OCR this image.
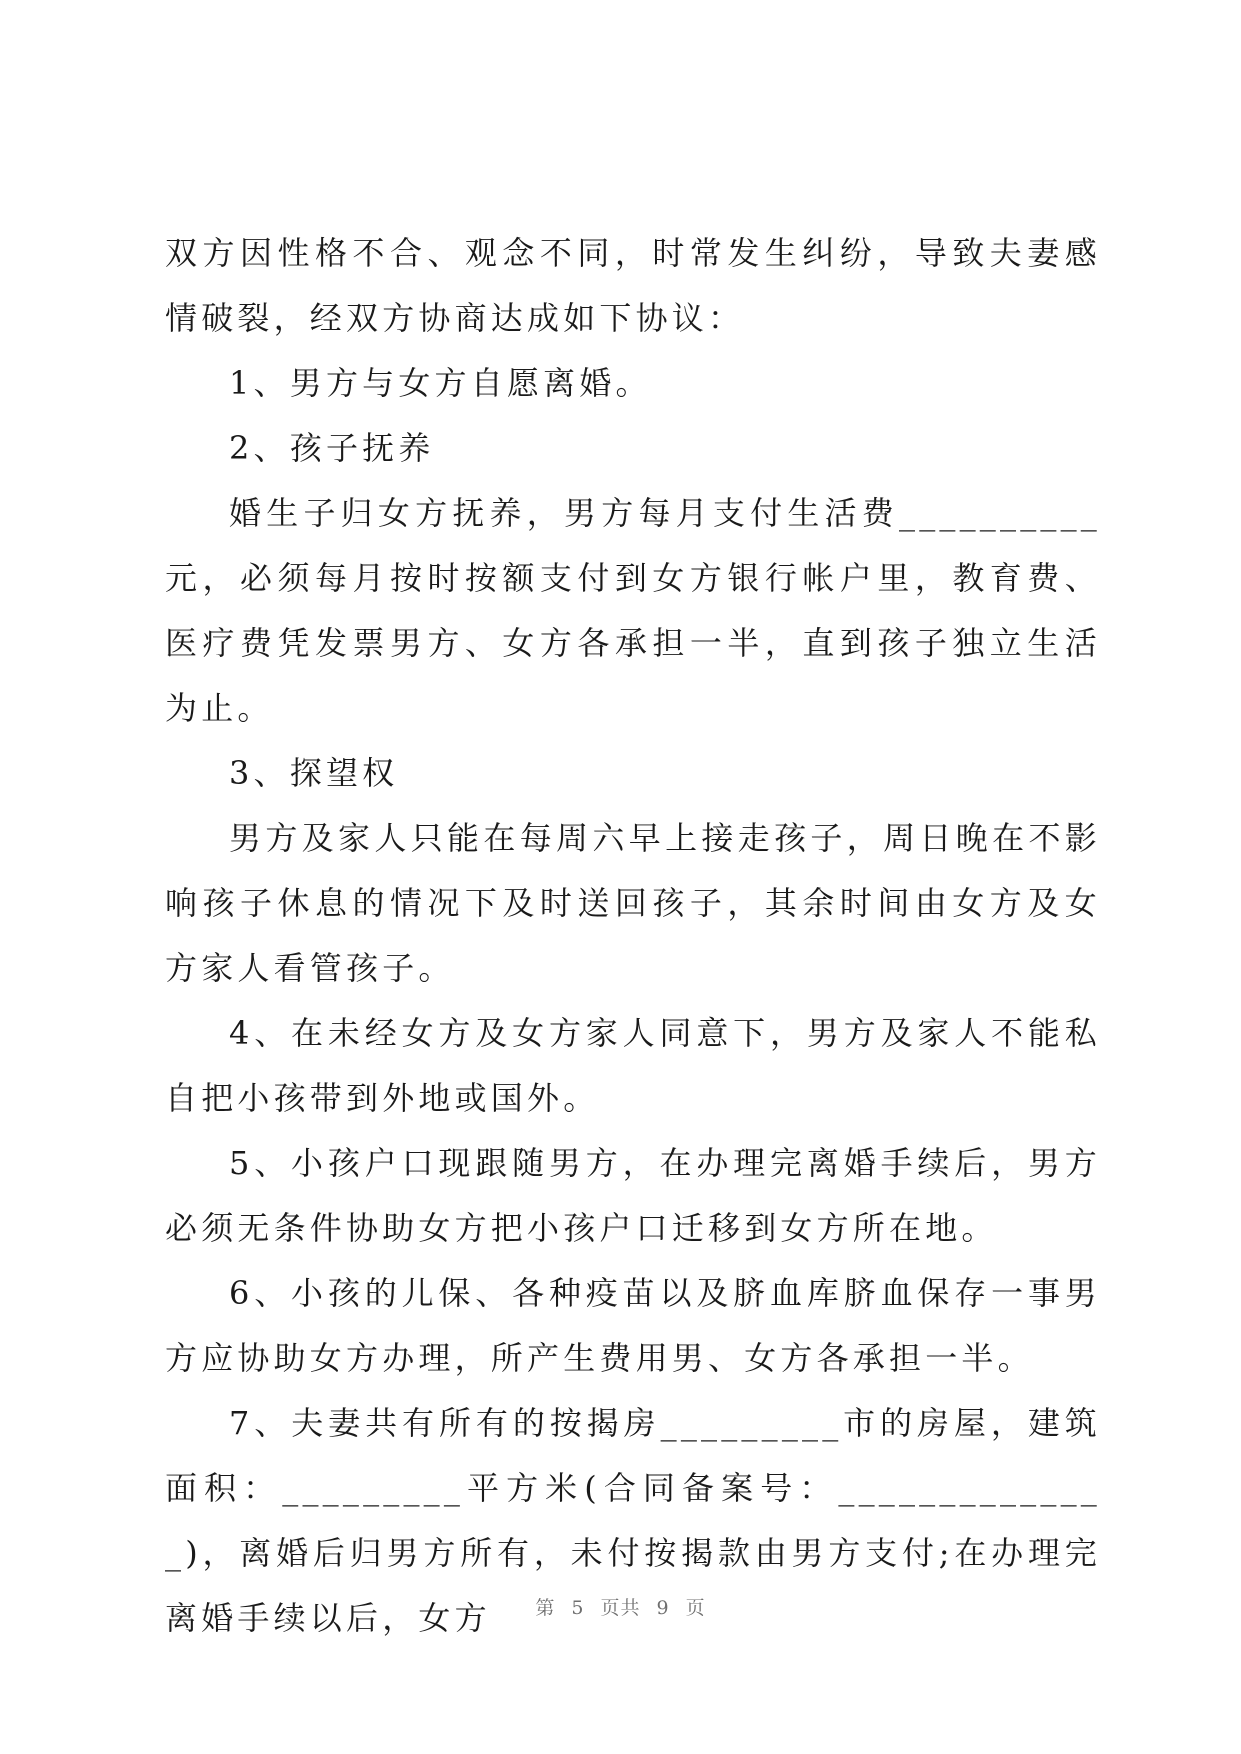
双方因性格不合、观念不同，时常发生纠纷，导致夫妻感情破裂，经双方协商达成如下协议：

1、男方与女方自愿离婚。

2、孩子抚养

婚生子归女方抚养，男方每月支付生活费__________元，必须每月按时按额支付到女方银行帐户里，教育费、医疗费凭发票男方、女方各承担一半，直到孩子独立生活为止。

3、探望权

男方及家人只能在每周六早上接走孩子，周日晚在不影响孩子休息的情况下及时送回孩子，其余时间由女方及女方家人看管孩子。

4、在未经女方及女方家人同意下，男方及家人不能私自把小孩带到外地或国外。

5、小孩户口现跟随男方，在办理完离婚手续后，男方必须无条件协助女方把小孩户口迁移到女方所在地。

6、小孩的儿保、各种疫苗以及脐血库脐血保存一事男方应协助女方办理，所产生费用男、女方各承担一半。

7、夫妻共有所有的按揭房_________市的房屋，建筑面积：_________平方米(合同备案号：______________)，离婚后归男方所有，未付按揭款由男方支付;在办理完离婚手续以后，女方	第 5 页共 9 页
